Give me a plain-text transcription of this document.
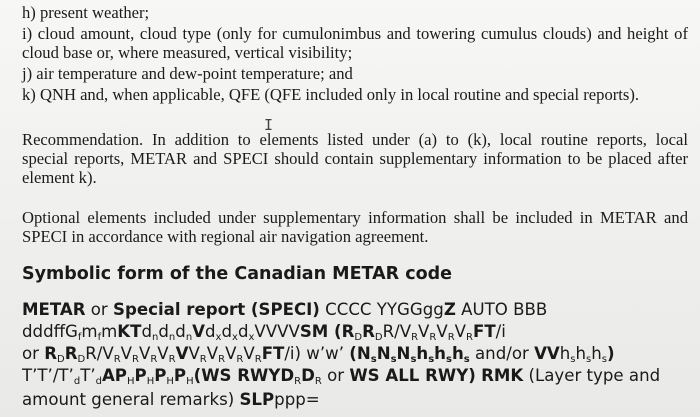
h) present weather;
i) cloud amount, cloud type (only for cumulonimbus and towering cumulus clouds) and height of
cloud base or, where measured, vertical visibility;
j) air temperature and dew-point temperature; and
k) QNH and, when applicable, QFE (QFE included only in local routine and special reports).
I
Recommendation. In addition to elements listed under (a) to (k), local routine reports, local
special reports, METAR and SPECI should contain supplementary information to be placed after
element k).
Optional elements included under supplementary information shall be included in METAR and
SPECI in accordance with regional air navigation agreement.
Symbolic form of the Canadian METAR code
METAR or Special report (SPECI) CCCC YYGGggZ AUTO BBB
$dddffG_fm_fmKTd_nd_nd_nVd_xd_xd_xVVVVSM$ ($R_DR_DR/V_RV_RV_RV_RFT/i$
or $R_DR_DR/V_RV_RV_RV_RVV_RV_RV_RV_RFT/i$) w’w’ ($N_sN_sN_sh_sh_sh_s$ and/or $VVh_sh_sh_s$)
$T’T’/T’_dT’_dAP_HP_HP_HP_H(WS$ $RWYD_RD_R$ or WS ALL RWY) RMK (Layer type and
amount general remarks) SLPppp=
